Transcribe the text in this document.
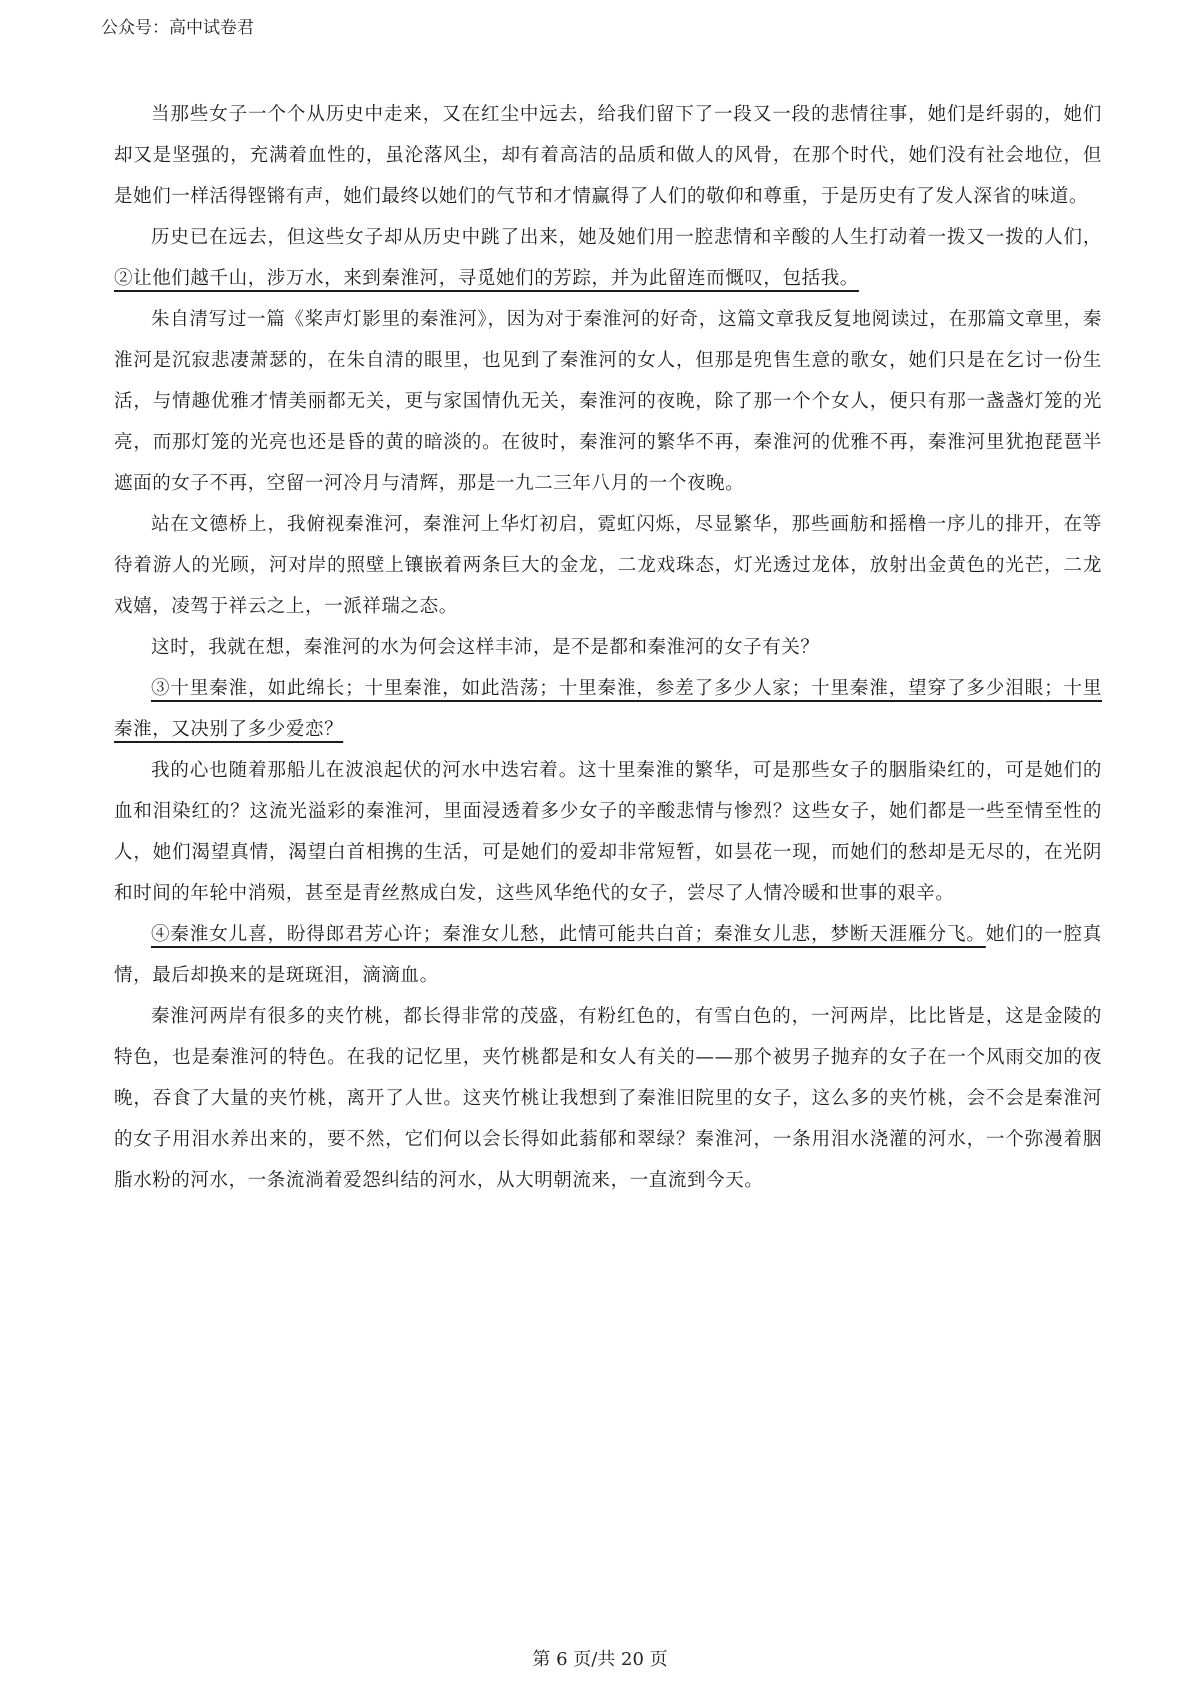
公众号：高中试卷君

当那些女子一个个从历史中走来，又在红尘中远去，给我们留下了一段又一段的悲情往事，她们是纤弱的，她们却又是坚强的，充满着血性的，虽沦落风尘，却有着高洁的品质和做人的风骨，在那个时代，她们没有社会地位，但是她们一样活得铿锵有声，她们最终以她们的气节和才情赢得了人们的敬仰和尊重，于是历史有了发人深省的味道。

历史已在远去，但这些女子却从历史中跳了出来，她及她们用一腔悲情和辛酸的人生打动着一拨又一拨的人们，②让他们越千山，涉万水，来到秦淮河，寻觅她们的芳踪，并为此留连而慨叹，包括我。

朱自清写过一篇《桨声灯影里的秦淮河》，因为对于秦淮河的好奇，这篇文章我反复地阅读过，在那篇文章里，秦淮河是沉寂悲凄萧瑟的，在朱自清的眼里，也见到了秦淮河的女人，但那是兜售生意的歌女，她们只是在乞讨一份生活，与情趣优雅才情美丽都无关，更与家国情仇无关，秦淮河的夜晚，除了那一个个女人，便只有那一盏盏灯笼的光亮，而那灯笼的光亮也还是昏的黄的暗淡的。在彼时，秦淮河的繁华不再，秦淮河的优雅不再，秦淮河里犹抱琵琶半遮面的女子不再，空留一河冷月与清辉，那是一九二三年八月的一个夜晚。

站在文德桥上，我俯视秦淮河，秦淮河上华灯初启，霓虹闪烁，尽显繁华，那些画舫和摇橹一序儿的排开，在等待着游人的光顾，河对岸的照壁上镶嵌着两条巨大的金龙，二龙戏珠态，灯光透过龙体，放射出金黄色的光芒，二龙戏嬉，凌驾于祥云之上，一派祥瑞之态。

这时，我就在想，秦淮河的水为何会这样丰沛，是不是都和秦淮河的女子有关？

③十里秦淮，如此绵长；十里秦淮，如此浩荡；十里秦淮，参差了多少人家；十里秦淮，望穿了多少泪眼；十里秦淮，又决别了多少爱恋？

我的心也随着那船儿在波浪起伏的河水中迭宕着。这十里秦淮的繁华，可是那些女子的胭脂染红的，可是她们的血和泪染红的？这流光溢彩的秦淮河，里面浸透着多少女子的辛酸悲情与惨烈？这些女子，她们都是一些至情至性的人，她们渴望真情，渴望白首相携的生活，可是她们的爱却非常短暂，如昙花一现，而她们的愁却是无尽的，在光阴和时间的年轮中消殒，甚至是青丝熬成白发，这些风华绝代的女子，尝尽了人情冷暖和世事的艰辛。

④秦淮女儿喜，盼得郎君芳心许；秦淮女儿愁，此情可能共白首；秦淮女儿悲，梦断天涯雁分飞。她们的一腔真情，最后却换来的是斑斑泪，滴滴血。

秦淮河两岸有很多的夹竹桃，都长得非常的茂盛，有粉红色的，有雪白色的，一河两岸，比比皆是，这是金陵的特色，也是秦淮河的特色。在我的记忆里，夹竹桃都是和女人有关的——那个被男子抛弃的女子在一个风雨交加的夜晚，吞食了大量的夹竹桃，离开了人世。这夹竹桃让我想到了秦淮旧院里的女子，这么多的夹竹桃，会不会是秦淮河的女子用泪水养出来的，要不然，它们何以会长得如此蓊郁和翠绿？秦淮河，一条用泪水浇灌的河水，一个弥漫着胭脂水粉的河水，一条流淌着爱怨纠结的河水，从大明朝流来，一直流到今天。

第 6 页/共 20 页
